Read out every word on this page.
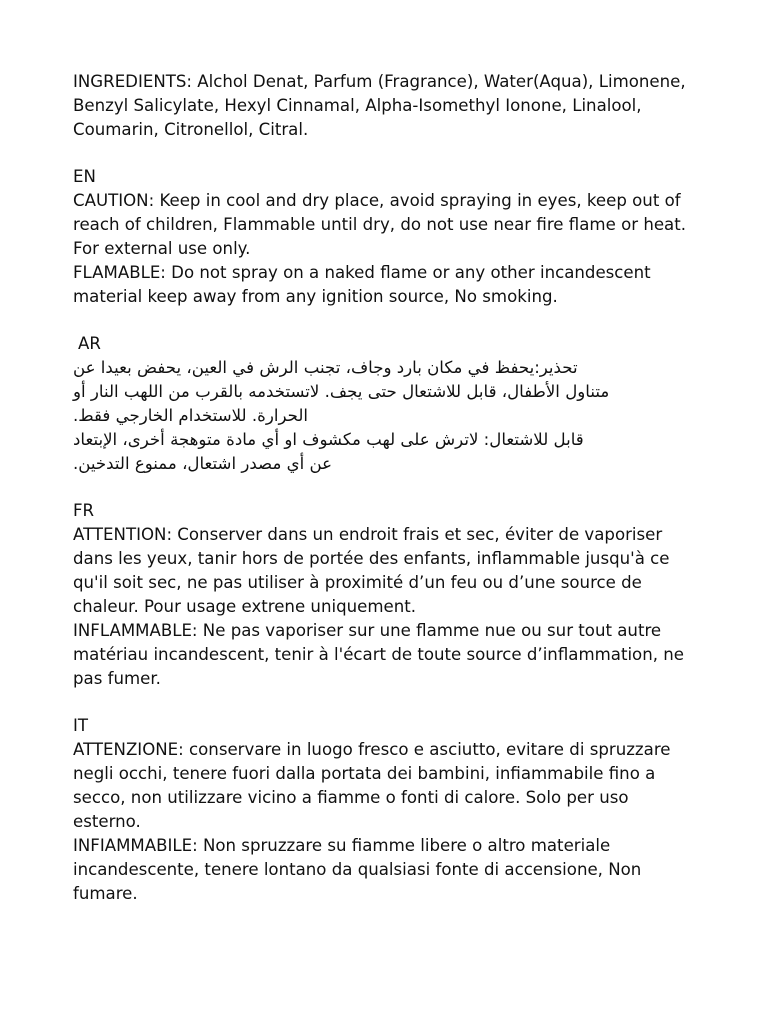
INGREDIENTS: Alchol Denat, Parfum (Fragrance), Water(Aqua), Limonene,
Benzyl Salicylate, Hexyl Cinnamal, Alpha-Isomethyl Ionone, Linalool,
Coumarin, Citronellol, Citral.
EN
CAUTION: Keep in cool and dry place, avoid spraying in eyes, keep out of
reach of children, Flammable until dry, do not use near fire flame or heat.
For external use only.
FLAMABLE: Do not spray on a naked flame or any other incandescent
material keep away from any ignition source, No smoking.
AR
تحذير:يحفظ في مكان بارد وجاف، تجنب الرش في العين، يحفض بعيدا عن
متناول الأطفال، قابل للاشتعال حتى يجف. لاتستخدمه بالقرب من اللهب النار أو
الحرارة. للاستخدام الخارجي فقط.
قابل للاشتعال: لاترش على لهب مكشوف او أي مادة متوهجة أخرى، الإبتعاد
عن أي مصدر اشتعال، ممنوع التدخين.
FR
ATTENTION: Conserver dans un endroit frais et sec, éviter de vaporiser
dans les yeux, tanir hors de portée des enfants, inflammable jusqu'à ce
qu'il soit sec, ne pas utiliser à proximité d’un feu ou d’une source de
chaleur. Pour usage extrene uniquement.
INFLAMMABLE: Ne pas vaporiser sur une flamme nue ou sur tout autre
matériau incandescent, tenir à l'écart de toute source d’inflammation, ne
pas fumer.
IT
ATTENZIONE: conservare in luogo fresco e asciutto, evitare di spruzzare
negli occhi, tenere fuori dalla portata dei bambini, infiammabile fino a
secco, non utilizzare vicino a fiamme o fonti di calore. Solo per uso
esterno.
INFIAMMABILE: Non spruzzare su fiamme libere o altro materiale
incandescente, tenere lontano da qualsiasi fonte di accensione, Non
fumare.
